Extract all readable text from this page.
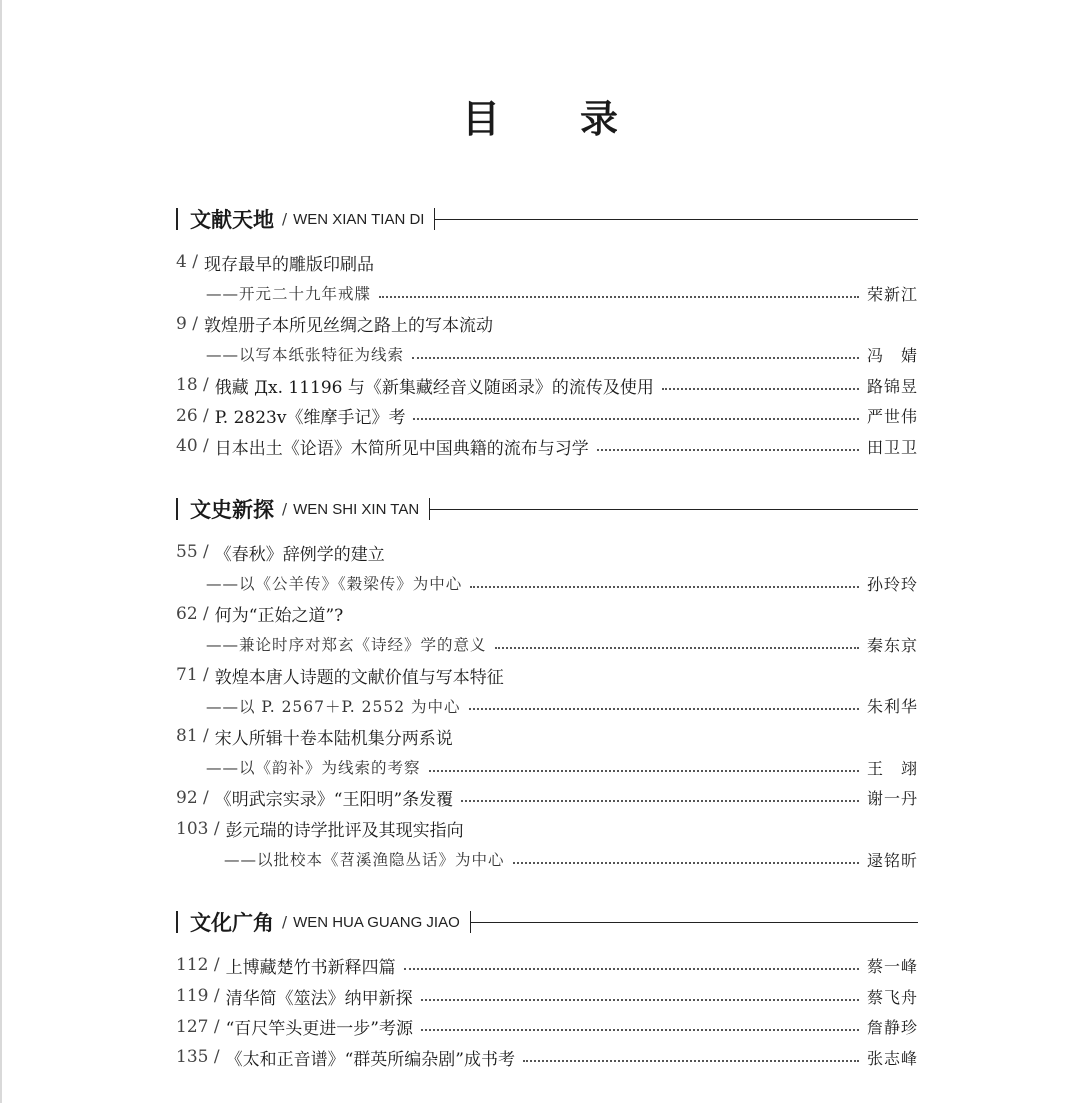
目 录
文献天地 / WEN XIAN TIAN DI
4 / 现存最早的雕版印刷品
——开元二十九年戒牒	荣新江
9 / 敦煌册子本所见丝绸之路上的写本流动
——以写本纸张特征为线索	冯　婧
18 / 俄藏 Дх. 11196 与《新集藏经音义随函录》的流传及使用	路锦昱
26 / P. 2823v《维摩手记》考	严世伟
40 / 日本出土《论语》木简所见中国典籍的流布与习学	田卫卫
文史新探 / WEN SHI XIN TAN
55 / 《春秋》辞例学的建立
——以《公羊传》《穀梁传》为中心	孙玲玲
62 / 何为“正始之道”?
——兼论时序对郑玄《诗经》学的意义	秦东京
71 / 敦煌本唐人诗题的文献价值与写本特征
——以 P. 2567＋P. 2552 为中心	朱利华
81 / 宋人所辑十卷本陆机集分两系说
——以《韵补》为线索的考察	王　翊
92 / 《明武宗实录》“王阳明”条发覆	谢一丹
103 / 彭元瑞的诗学批评及其现实指向
——以批校本《苕溪渔隐丛话》为中心	逯铭昕
文化广角 / WEN HUA GUANG JIAO
112 / 上博藏楚竹书新释四篇	蔡一峰
119 / 清华简《筮法》纳甲新探	蔡飞舟
127 / “百尺竿头更进一步”考源	詹静珍
135 / 《太和正音谱》“群英所编杂剧”成书考	张志峰
